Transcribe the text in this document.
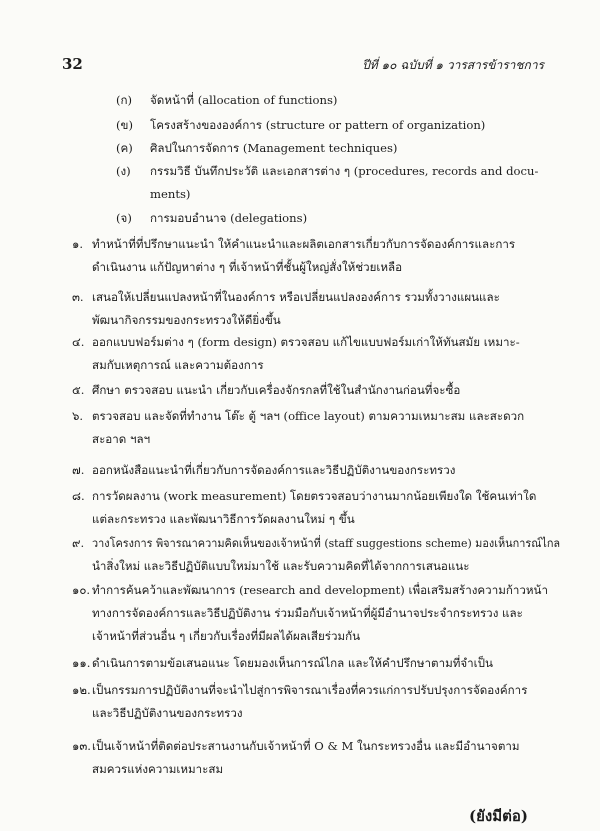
32	ปีที่ ๑๐ ฉบับที่ ๑ วารสารข้าราชการ
(ก) จัดหน้าที่ (allocation of functions)
(ข) โครงสร้างขององค์การ (structure or pattern of organization)
(ค) ศิลปในการจัดการ (Management techniques)
(ง) กรรมวิธี บันทึกประวัติ และเอกสารต่าง ๆ (procedures, records and docu-
ments)
(จ) การมอบอำนาจ (delegations)
๑. ทำหน้าที่ที่ปรึกษาแนะนำ ให้คำแนะนำและผลิตเอกสารเกี่ยวกับการจัดองค์การและการ
ดำเนินงาน แก้ปัญหาต่าง ๆ ที่เจ้าหน้าที่ชั้นผู้ใหญ่สั่งให้ช่วยเหลือ
๓. เสนอให้เปลี่ยนแปลงหน้าที่ในองค์การ หรือเปลี่ยนแปลงองค์การ รวมทั้งวางแผนและ
พัฒนากิจกรรมของกระทรวงให้ดียิ่งขึ้น
๔. ออกแบบฟอร์มต่าง ๆ (form design) ตรวจสอบ แก้ไขแบบฟอร์มเก่าให้ทันสมัย เหมาะ-
สมกับเหตุการณ์ และความต้องการ
๕. ศึกษา ตรวจสอบ แนะนำ เกี่ยวกับเครื่องจักรกลที่ใช้ในสำนักงานก่อนที่จะซื้อ
๖. ตรวจสอบ และจัดที่ทำงาน โต๊ะ ตู้ ฯลฯ (office layout) ตามความเหมาะสม และสะดวก
สะอาด ฯลฯ
๗. ออกหนังสือแนะนำที่เกี่ยวกับการจัดองค์การและวิธีปฏิบัติงานของกระทรวง
๘. การวัดผลงาน (work measurement) โดยตรวจสอบว่างานมากน้อยเพียงใด ใช้คนเท่าใด
แต่ละกระทรวง และพัฒนาวิธีการวัดผลงานใหม่ ๆ ขึ้น
๙. วางโครงการ พิจารณาความคิดเห็นของเจ้าหน้าที่ (staff suggestions scheme) มองเห็นการณ์ไกล
นำสิ่งใหม่ และวิธีปฏิบัติแบบใหม่มาใช้ และรับความคิดที่ได้จากการเสนอแนะ
๑๐. ทำการค้นคว้าและพัฒนาการ (research and development) เพื่อเสริมสร้างความก้าวหน้า
ทางการจัดองค์การและวิธีปฏิบัติงาน ร่วมมือกับเจ้าหน้าที่ผู้มีอำนาจประจำกระทรวง และ
เจ้าหน้าที่ส่วนอื่น ๆ เกี่ยวกับเรื่องที่มีผลได้ผลเสียร่วมกัน
๑๑. ดำเนินการตามข้อเสนอแนะ โดยมองเห็นการณ์ไกล และให้คำปรึกษาตามที่จำเป็น
๑๒. เป็นกรรมการปฏิบัติงานที่จะนำไปสู่การพิจารณาเรื่องที่ควรแก่การปรับปรุงการจัดองค์การ
และวิธีปฏิบัติงานของกระทรวง
๑๓. เป็นเจ้าหน้าที่ติดต่อประสานงานกับเจ้าหน้าที่ O & M ในกระทรวงอื่น และมีอำนาจตาม
สมควรแห่งความเหมาะสม
(ยังมีต่อ)
